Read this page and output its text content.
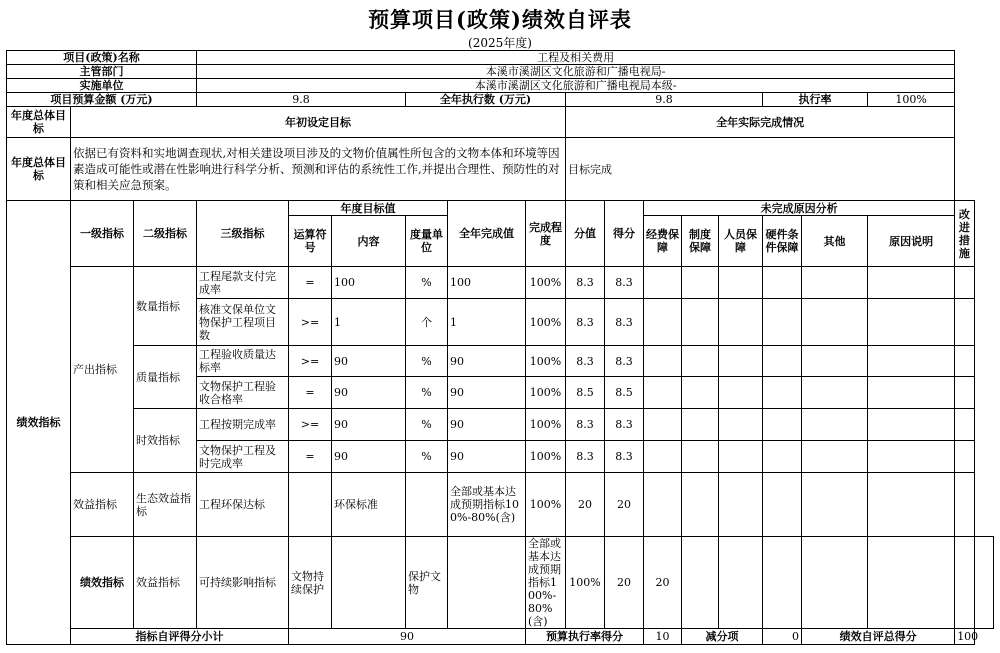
预算项目(政策)绩效自评表
(2025年度)
项目(政策)名称			工程及相关费用															
主管部门			本溪市溪湖区文化旅游和广播电视局-															
实施单位			本溪市溪湖区文化旅游和广播电视局本级-															
项目预算金额 (万元)			9.8			全年执行数 (万元)			9.8					执行率		100%		
年度总体目标	年初设定目标								全年实际完成情况									
年度总体目标	依据已有资料和实地调查现状,对相关建设项目涉及的文物价值属性所包含的文物本体和环境等因素造成可能性或潜在性影响进行科学分析、预测和评估的系统性工作,并提出合理性、预防性的对策和相关应急预案。								目标完成									
绩效指标	一级指标	二级指标	三级指标	年度目标值			全年完成值	完成程度	分值	得分	未完成原因分析						改进措施	
				运算符号	内容	度量单位					经费保障	制度保障	人员保障	硬件条件保障	其他	原因说明		
	产出指标	数量指标	工程尾款支付完成率	=	100	%	100	100%	8.3	8.3								
			核准文保单位文物保护工程项目数	>=	1	个	1	100%	8.3	8.3								
		质量指标	工程验收质量达标率	>=	90	%	90	100%	8.3	8.3								
			文物保护工程验收合格率	=	90	%	90	100%	8.5	8.5								
		时效指标	工程按期完成率	>=	90	%	90	100%	8.3	8.3								
			文物保护工程及时完成率	=	90	%	90	100%	8.3	8.3								
	效益指标	生态效益指标	工程环保达标		环保标准		全部或基本达成预期指标100%-80%(含)	100%	20	20								
	绩效指标	效益指标	可持续影响指标	文物持续保护		保护文物		全部或基本达成预期指标100%-80%(含)	100%	20	20							
	指标自评得分小计			90				预算执行率得分			10	减分项		0	绩效自评总得分		100	
